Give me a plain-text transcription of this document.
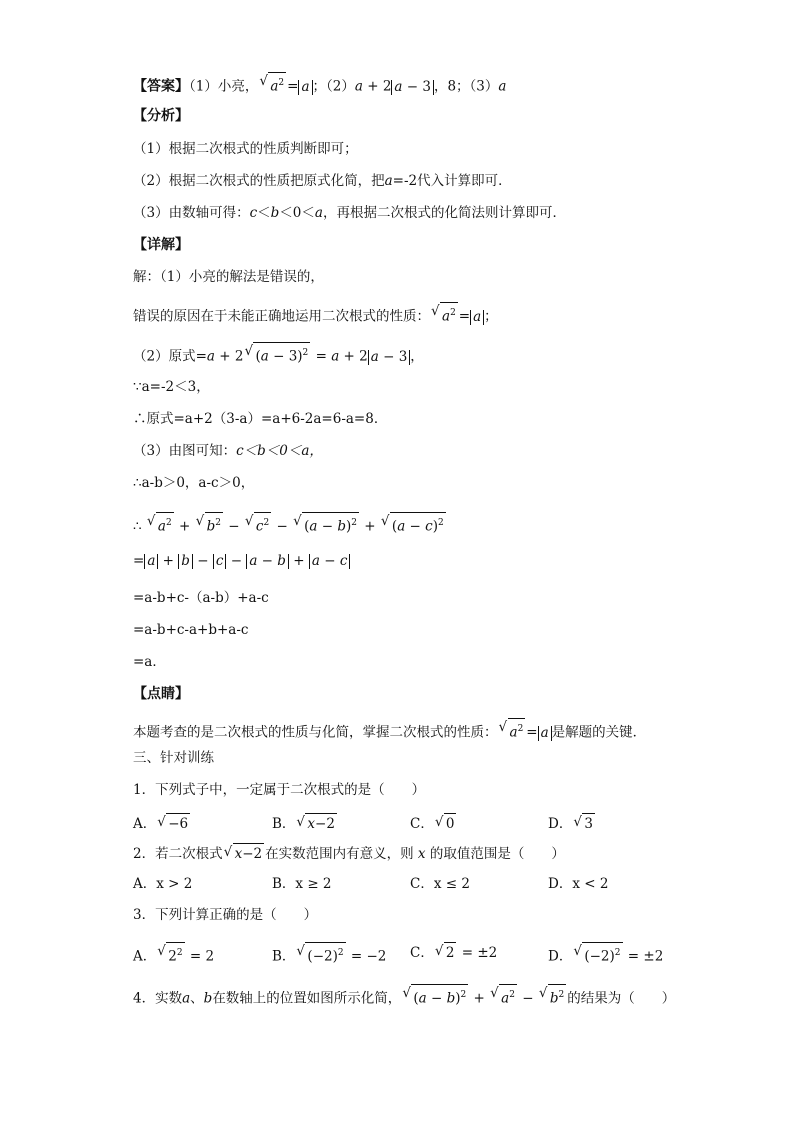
【答案】（1）小亮， √ $a^2 = a$ ；（2）a + 2 a − 3 ，8；（3）a
【分析】
（1）根据二次根式的性质判断即可；
（2）根据二次根式的性质把原式化简，把a=-2代入计算即可．
（3）由数轴可得：c＜b＜0＜a，再根据二次根式的化简法则计算即可．
【详解】
解：（1）小亮的解法是错误的，
错误的原因在于未能正确地运用二次根式的性质： √ $a^2 = a$ ；
（2）原式=a + 2 √ $(a - 3)^2 = a + 2$ a − 3 ，
∵a=-2＜3，
∴原式=a+2（3-a）=a+6-2a=6-a=8．
（3）由图可知：c＜b＜0＜a，
∴a-b＞0，a-c＞0，
∴ √ $a^2$ + √ $b^2$ − √ $c^2$ − √ $(a - b)^2$ + √ $(a - c)^2$
= a + b − c − a − b + a − c
=a-b+c-（a-b）+a-c
=a-b+c-a+b+a-c
=a．
【点睛】
本题考查的是二次根式的性质与化简，掌握二次根式的性质： √ $a^2 = a$ 是解题的关键．
三、针对训练
1．下列式子中，一定属于二次根式的是（　　）
A． √ −6	B． √ x−2	C． √ 0	D． √ 3
2．若二次根式 √ x−2 在实数范围内有意义，则 x 的取值范围是（　　）
A．x > 2	B．x ≥ 2	C．x ≤ 2	D．x < 2
3．下列计算正确的是（　　）
A． √ $2^2 = 2$	B． √ $(-2)^2 = -2$ C． √ 2 = ±2	D． √ $(-2)^2 = \pm 2$
4．实数a、b在数轴上的位置如图所示化简， √ $(a - b)^2$ + √ $a^2$ − √ $b^2$ 的结果为（　　）
